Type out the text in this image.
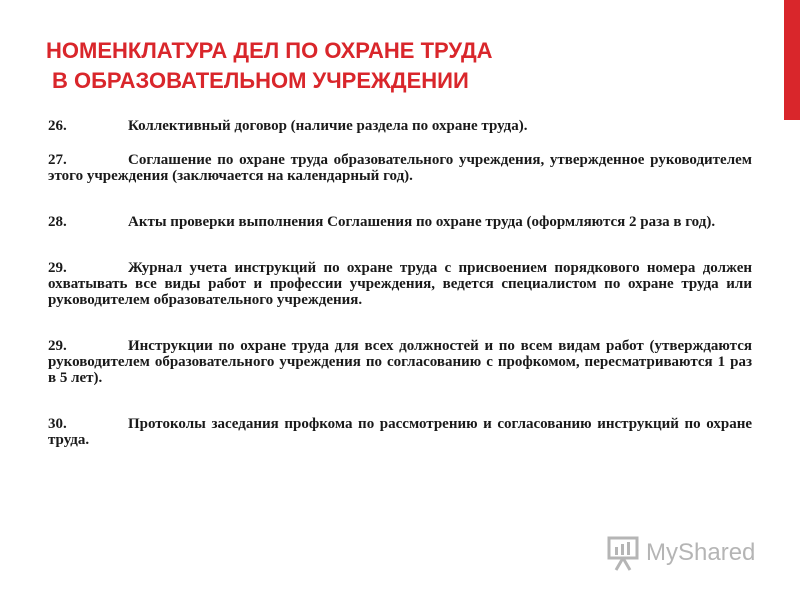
НОМЕНКЛАТУРА ДЕЛ ПО ОХРАНЕ ТРУДА
В ОБРАЗОВАТЕЛЬНОМ УЧРЕЖДЕНИИ

26.	Коллективный договор (наличие раздела по охране труда).

27.	Соглашение по охране труда образовательного учреждения, утвержденное руководителем этого учреждения (заключается на календарный год).

28.	Акты проверки выполнения Соглашения по охране труда (оформляются 2 раза в год).

29.	Журнал учета инструкций по охране труда с присвоением порядкового номера должен охватывать все виды работ и профессии учреждения, ведется специалистом по охране труда или руководителем образовательного учреждения.

29.	Инструкции по охране труда для всех должностей и по всем видам работ (утверждаются руководителем образовательного учреждения по согласованию с профкомом, пересматриваются 1 раз в 5 лет).

30.	Протоколы заседания профкома по рассмотрению и согласованию инструкций по охране труда.

MyShared
